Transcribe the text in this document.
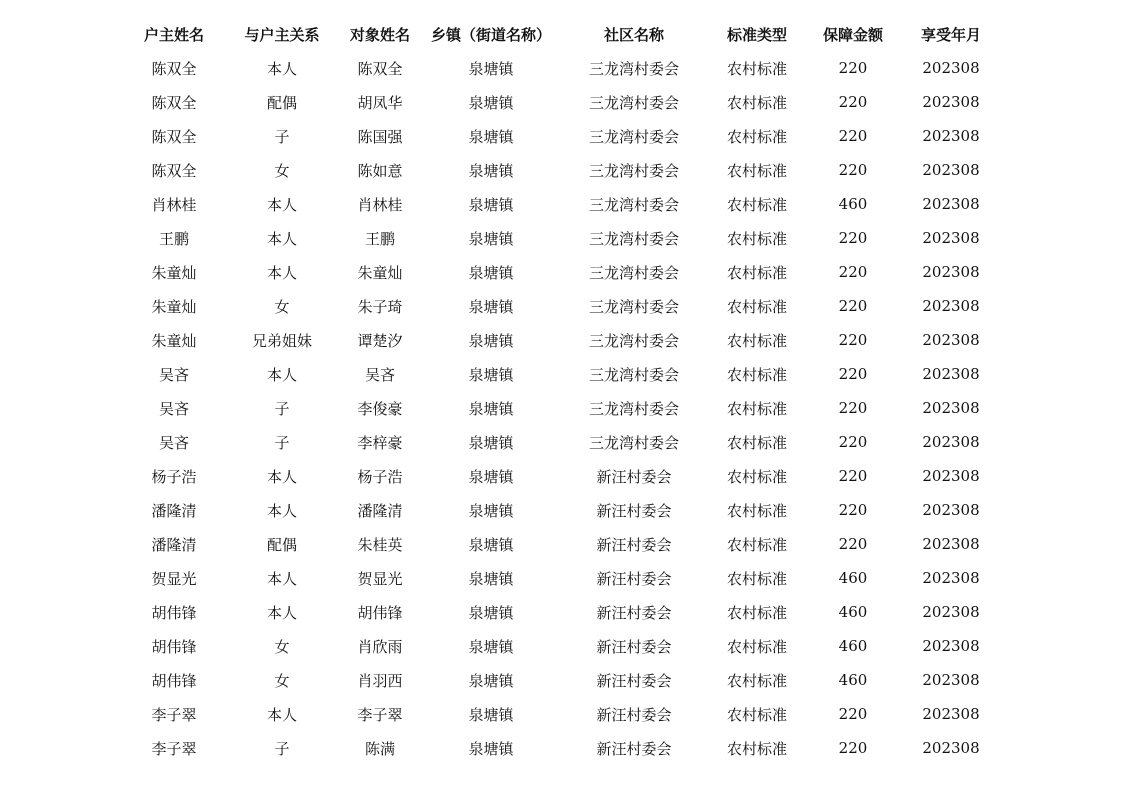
户主姓名	与户主关系	对象姓名	乡镇（街道名称）	社区名称	标准类型	保障金额	享受年月
陈双全	本人	陈双全	泉塘镇	三龙湾村委会	农村标准	220	202308
陈双全	配偶	胡凤华	泉塘镇	三龙湾村委会	农村标准	220	202308
陈双全	子	陈国强	泉塘镇	三龙湾村委会	农村标准	220	202308
陈双全	女	陈如意	泉塘镇	三龙湾村委会	农村标准	220	202308
肖林桂	本人	肖林桂	泉塘镇	三龙湾村委会	农村标准	460	202308
王鹏	本人	王鹏	泉塘镇	三龙湾村委会	农村标准	220	202308
朱童灿	本人	朱童灿	泉塘镇	三龙湾村委会	农村标准	220	202308
朱童灿	女	朱子琦	泉塘镇	三龙湾村委会	农村标准	220	202308
朱童灿	兄弟姐妹	谭楚汐	泉塘镇	三龙湾村委会	农村标准	220	202308
吴吝	本人	吴吝	泉塘镇	三龙湾村委会	农村标准	220	202308
吴吝	子	李俊豪	泉塘镇	三龙湾村委会	农村标准	220	202308
吴吝	子	李梓豪	泉塘镇	三龙湾村委会	农村标准	220	202308
杨子浩	本人	杨子浩	泉塘镇	新汪村委会	农村标准	220	202308
潘隆清	本人	潘隆清	泉塘镇	新汪村委会	农村标准	220	202308
潘隆清	配偶	朱桂英	泉塘镇	新汪村委会	农村标准	220	202308
贺显光	本人	贺显光	泉塘镇	新汪村委会	农村标准	460	202308
胡伟锋	本人	胡伟锋	泉塘镇	新汪村委会	农村标准	460	202308
胡伟锋	女	肖欣雨	泉塘镇	新汪村委会	农村标准	460	202308
胡伟锋	女	肖羽西	泉塘镇	新汪村委会	农村标准	460	202308
李子翠	本人	李子翠	泉塘镇	新汪村委会	农村标准	220	202308
李子翠	子	陈满	泉塘镇	新汪村委会	农村标准	220	202308
